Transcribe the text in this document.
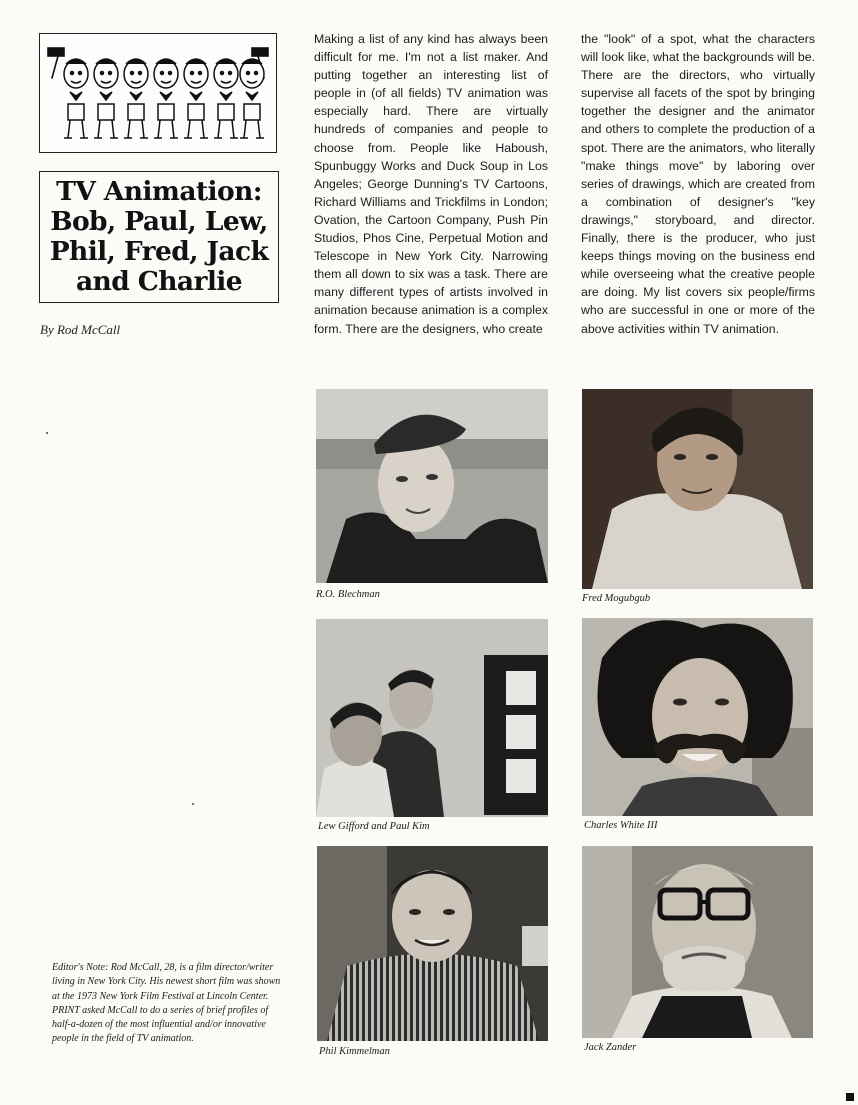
TV Animation: Bob, Paul, Lew, Phil, Fred, Jack and Charlie
By Rod McCall

Making a list of any kind has always been difficult for me. I'm not a list maker. And putting together an interesting list of people in (of all fields) TV animation was especially hard. There are virtually hundreds of companies and people to choose from. People like Haboush, Spunbuggy Works and Duck Soup in Los Angeles; George Dunning's TV Cartoons, Richard Williams and Trickfilms in London; Ovation, the Cartoon Company, Push Pin Studios, Phos Cine, Perpetual Motion and Telescope in New York City. Narrowing them all down to six was a task. There are many different types of artists involved in animation because animation is a complex form. There are the designers, who create

the "look" of a spot, what the characters will look like, what the backgrounds will be. There are the directors, who virtually supervise all facets of the spot by bringing together the designer and the animator and others to complete the production of a spot. There are the animators, who literally "make things move" by laboring over series of drawings, which are created from a combination of designer's "key drawings," storyboard, and director. Finally, there is the producer, who just keeps things moving on the business end while overseeing what the creative people are doing. My list covers six people/firms who are successful in one or more of the above activities within TV animation.

R.O. Blechman	Fred Mogubgub
Lew Gifford and Paul Kim	Charles White III
Phil Kimmelman	Jack Zander

Editor's Note: Rod McCall, 28, is a film director/writer living in New York City. His newest short film was shown at the 1973 New York Film Festival at Lincoln Center. PRINT asked McCall to do a series of brief profiles of half-a-dozen of the most influential and/or innovative people in the field of TV animation.
